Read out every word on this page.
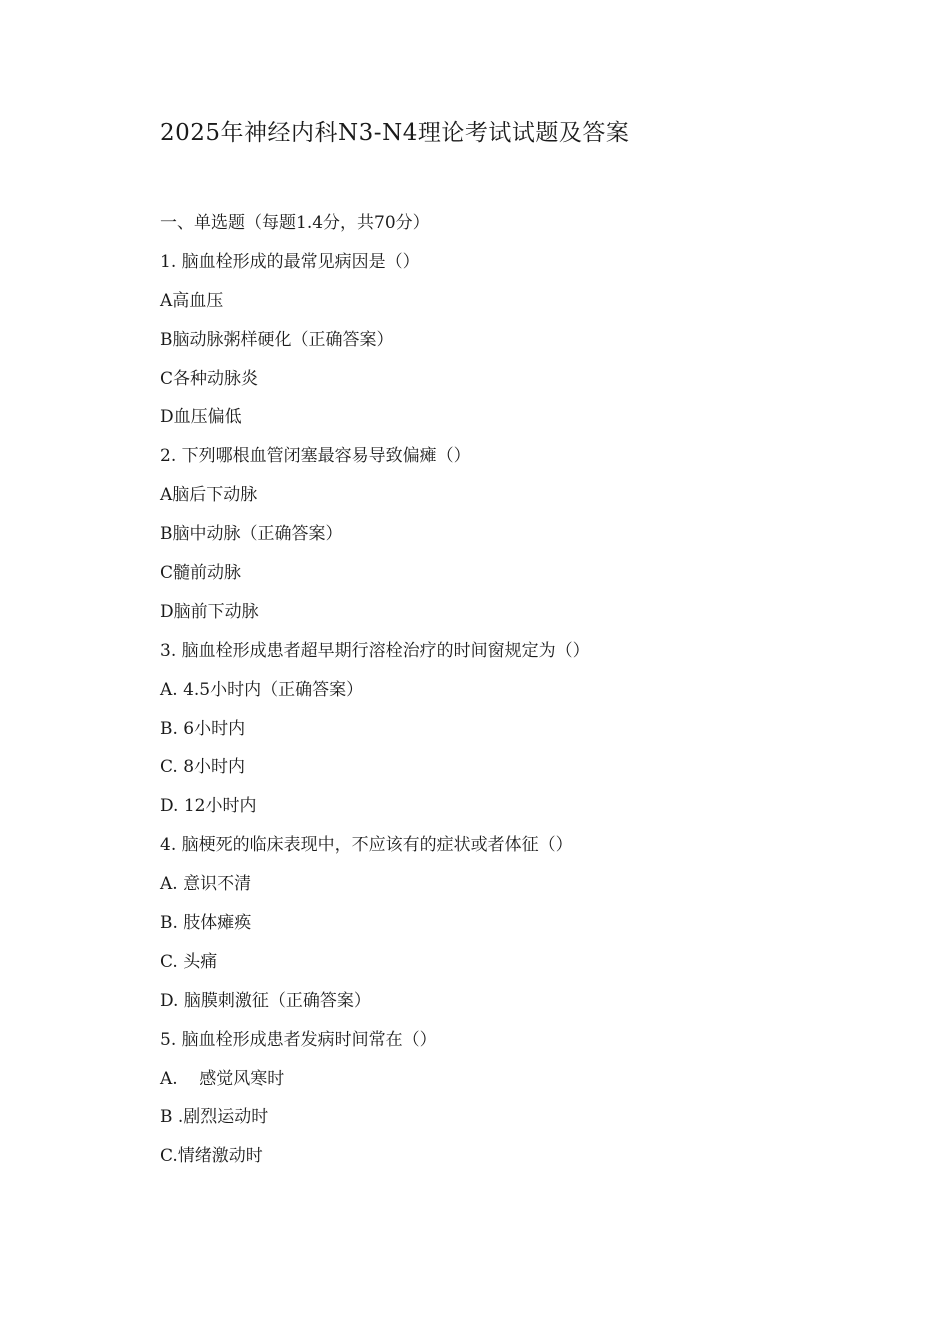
2025年神经内科N3-N4理论考试试题及答案

一、单选题（每题1.4分，共70分）

1. 脑血栓形成的最常见病因是（）

A高血压

B脑动脉粥样硬化（正确答案）

C各种动脉炎

D血压偏低

2. 下列哪根血管闭塞最容易导致偏瘫（）

A脑后下动脉

B脑中动脉（正确答案）

C髓前动脉

D脑前下动脉

3. 脑血栓形成患者超早期行溶栓治疗的时间窗规定为（）

A. 4.5小时内（正确答案）

B. 6小时内

C. 8小时内

D. 12小时内

4. 脑梗死的临床表现中，不应该有的症状或者体征（）

A. 意识不清

B. 肢体瘫痪

C. 头痛

D. 脑膜刺激征（正确答案）

5. 脑血栓形成患者发病时间常在（）

A.    感觉风寒时

B .剧烈运动时

C.情绪激动时
